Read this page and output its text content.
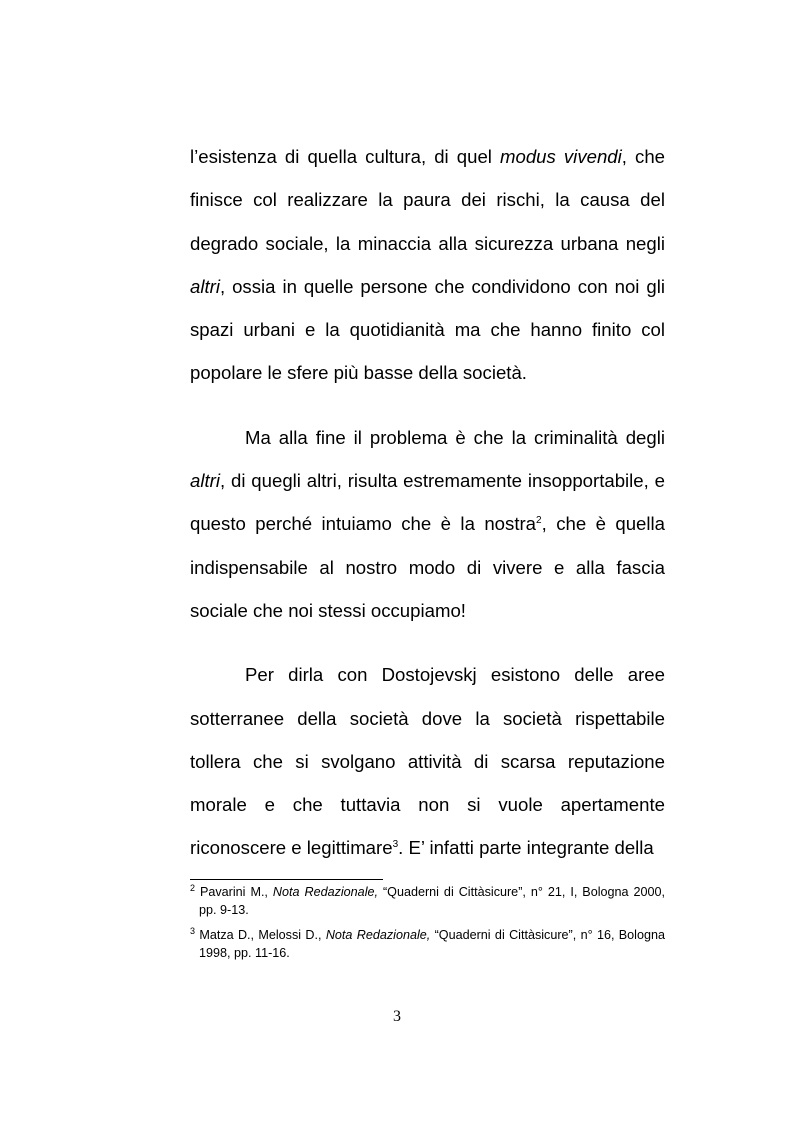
l’esistenza di quella cultura, di quel modus vivendi, che finisce col realizzare la paura dei rischi, la causa del degrado sociale, la minaccia alla sicurezza urbana negli altri, ossia in quelle persone che condividono con noi gli spazi urbani e la quotidianità ma che hanno finito col popolare le sfere più basse della società.

Ma alla fine il problema è che la criminalità degli altri, di quegli altri, risulta estremamente insopportabile, e questo perché intuiamo che è la nostra$^2$, che è quella indispensabile al nostro modo di vivere e alla fascia sociale che noi stessi occupiamo!

Per dirla con Dostojevskj esistono delle aree sotterranee della società dove la società rispettabile tollera che si svolgano attività di scarsa reputazione morale e che tuttavia non si vuole apertamente riconoscere e legittimare$^3$. E’ infatti parte integrante della

$^2$ Pavarini M., Nota Redazionale, “Quaderni di Cittàsicure”, n° 21, I, Bologna 2000, pp. 9-13.
$^3$ Matza D., Melossi D., Nota Redazionale, “Quaderni di Cittàsicure”, n° 16, Bologna 1998, pp. 11-16.
3
